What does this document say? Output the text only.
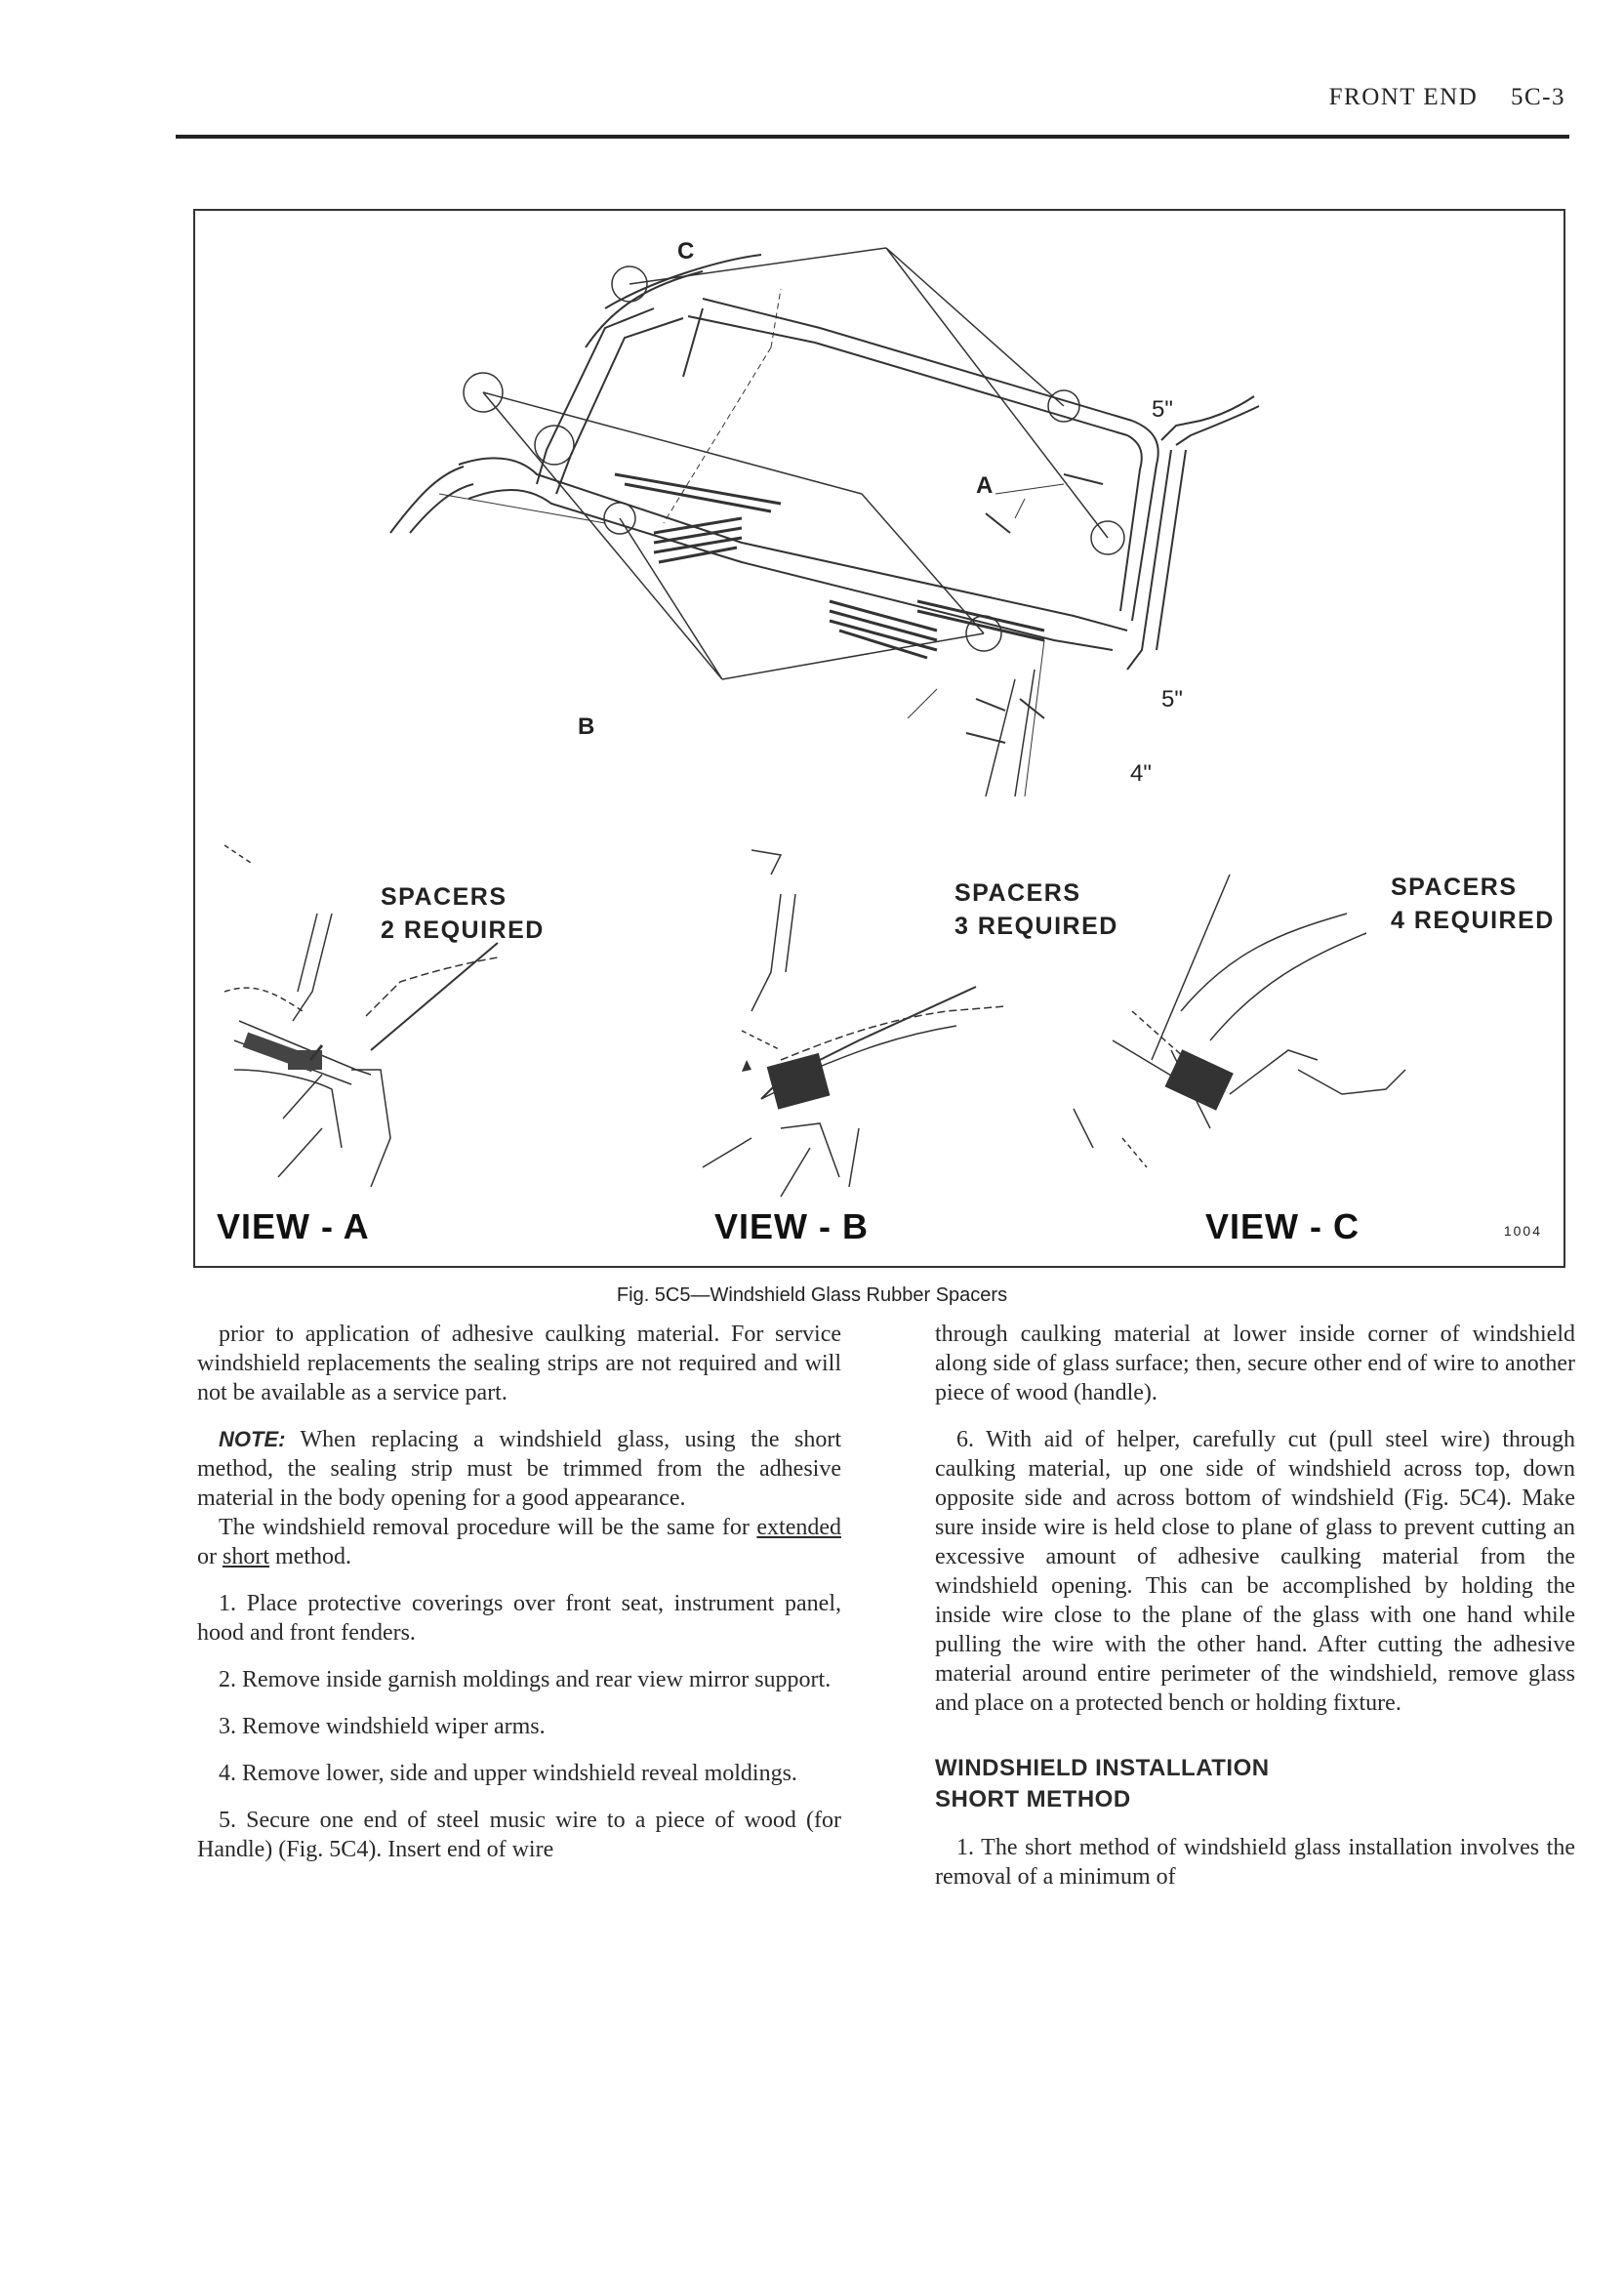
FRONT END 5C-3
C
A
B
5"
5"
4"
SPACERS
2 REQUIRED
SPACERS
3 REQUIRED
SPACERS
4 REQUIRED
VIEW - A	VIEW - B	VIEW - C	1004
Fig. 5C5—Windshield Glass Rubber Spacers

prior to application of adhesive caulking material. For service windshield replacements the sealing strips are not required and will not be available as a service part.

NOTE: When replacing a windshield glass, using the short method, the sealing strip must be trimmed from the adhesive material in the body opening for a good appearance.

The windshield removal procedure will be the same for extended or short method.

1. Place protective coverings over front seat, instrument panel, hood and front fenders.

2. Remove inside garnish moldings and rear view mirror support.

3. Remove windshield wiper arms.

4. Remove lower, side and upper windshield reveal moldings.

5. Secure one end of steel music wire to a piece of wood (for Handle) (Fig. 5C4). Insert end of wire

through caulking material at lower inside corner of windshield along side of glass surface; then, secure other end of wire to another piece of wood (handle).

6. With aid of helper, carefully cut (pull steel wire) through caulking material, up one side of windshield across top, down opposite side and across bottom of windshield (Fig. 5C4). Make sure inside wire is held close to plane of glass to prevent cutting an excessive amount of adhesive caulking material from the windshield opening. This can be accomplished by holding the inside wire close to the plane of the glass with one hand while pulling the wire with the other hand. After cutting the adhesive material around entire perimeter of the windshield, remove glass and place on a protected bench or holding fixture.

WINDSHIELD INSTALLATION
SHORT METHOD

1. The short method of windshield glass installation involves the removal of a minimum of
